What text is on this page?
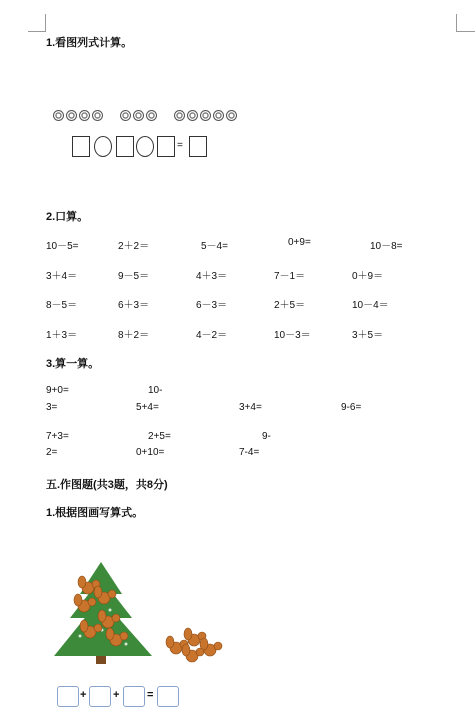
1.看图列式计算。

=
2.口算。
10－5=	2＋2＝	5－4=	0+9=	10－8=
3＋4＝	9－5＝	4＋3＝	7－1＝	0＋9＝
8－5＝	6＋3＝	6－3＝	2＋5＝	10－4＝
1＋3＝	8＋2＝	4－2＝	10－3＝	3＋5＝
3.算一算。
9+0=	10-
3=	5+4=	3+4=	9-6=
7+3=	2+5=	9-
2=	0+10=	7-4=
五.作图题(共3题，共8分)
1.根据图画写算式。
+ +	=
